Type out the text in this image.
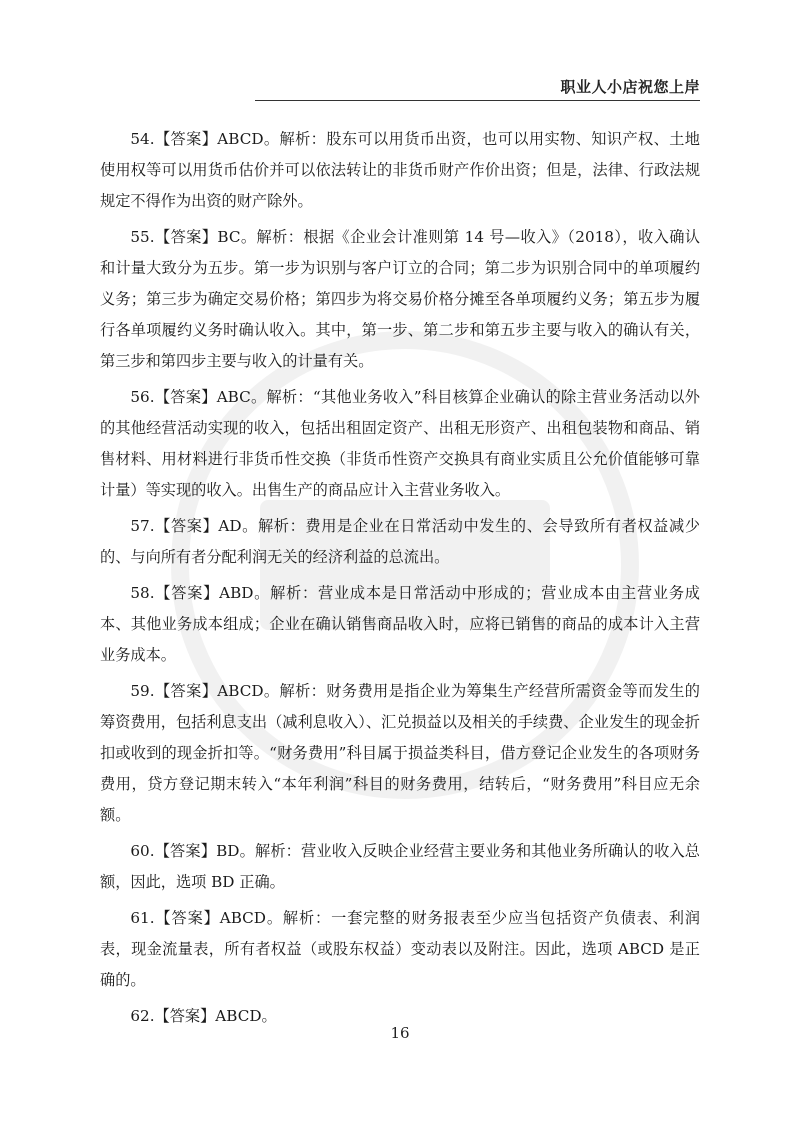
职业人小店祝您上岸

54.【答案】ABCD。解析：股东可以用货币出资，也可以用实物、知识产权、土地使用权等可以用货币估价并可以依法转让的非货币财产作价出资；但是，法律、行政法规规定不得作为出资的财产除外。

55.【答案】BC。解析：根据《企业会计准则第 14 号—收入》（2018），收入确认和计量大致分为五步。第一步为识别与客户订立的合同；第二步为识别合同中的单项履约义务；第三步为确定交易价格；第四步为将交易价格分摊至各单项履约义务；第五步为履行各单项履约义务时确认收入。其中，第一步、第二步和第五步主要与收入的确认有关，第三步和第四步主要与收入的计量有关。

56.【答案】ABC。解析：“其他业务收入”科目核算企业确认的除主营业务活动以外的其他经营活动实现的收入，包括出租固定资产、出租无形资产、出租包装物和商品、销售材料、用材料进行非货币性交换（非货币性资产交换具有商业实质且公允价值能够可靠计量）等实现的收入。出售生产的商品应计入主营业务收入。

57.【答案】AD。解析：费用是企业在日常活动中发生的、会导致所有者权益减少的、与向所有者分配利润无关的经济利益的总流出。

58.【答案】ABD。解析：营业成本是日常活动中形成的；营业成本由主营业务成本、其他业务成本组成；企业在确认销售商品收入时，应将已销售的商品的成本计入主营业务成本。

59.【答案】ABCD。解析：财务费用是指企业为筹集生产经营所需资金等而发生的筹资费用，包括利息支出（减利息收入）、汇兑损益以及相关的手续费、企业发生的现金折扣或收到的现金折扣等。“财务费用”科目属于损益类科目，借方登记企业发生的各项财务费用，贷方登记期末转入“本年利润”科目的财务费用，结转后，“财务费用”科目应无余额。

60.【答案】BD。解析：营业收入反映企业经营主要业务和其他业务所确认的收入总额，因此，选项 BD 正确。

61.【答案】ABCD。解析：一套完整的财务报表至少应当包括资产负债表、利润表，现金流量表，所有者权益（或股东权益）变动表以及附注。因此，选项 ABCD 是正确的。

62.【答案】ABCD。

16
